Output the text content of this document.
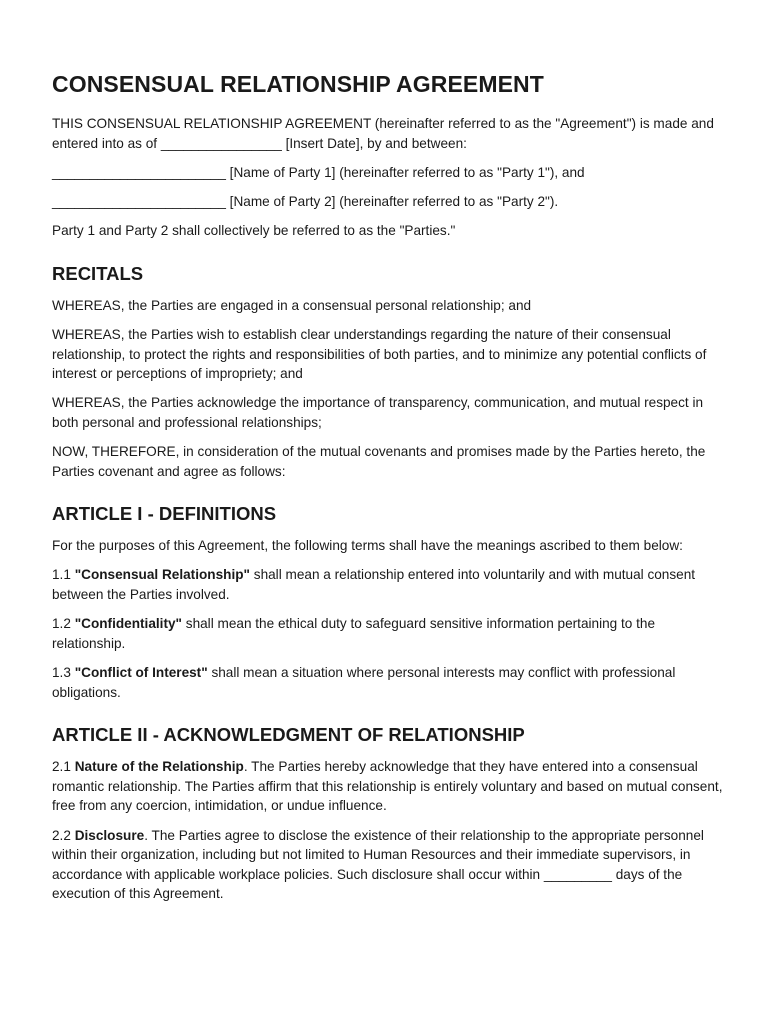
CONSENSUAL RELATIONSHIP AGREEMENT

THIS CONSENSUAL RELATIONSHIP AGREEMENT (hereinafter referred to as the "Agreement") is made and entered into as of ________________ [Insert Date], by and between:

_______________________ [Name of Party 1] (hereinafter referred to as "Party 1"), and

_______________________ [Name of Party 2] (hereinafter referred to as "Party 2").

Party 1 and Party 2 shall collectively be referred to as the "Parties."

RECITALS

WHEREAS, the Parties are engaged in a consensual personal relationship; and

WHEREAS, the Parties wish to establish clear understandings regarding the nature of their consensual relationship, to protect the rights and responsibilities of both parties, and to minimize any potential conflicts of interest or perceptions of impropriety; and

WHEREAS, the Parties acknowledge the importance of transparency, communication, and mutual respect in both personal and professional relationships;

NOW, THEREFORE, in consideration of the mutual covenants and promises made by the Parties hereto, the Parties covenant and agree as follows:

ARTICLE I - DEFINITIONS

For the purposes of this Agreement, the following terms shall have the meanings ascribed to them below:

1.1 "Consensual Relationship" shall mean a relationship entered into voluntarily and with mutual consent between the Parties involved.

1.2 "Confidentiality" shall mean the ethical duty to safeguard sensitive information pertaining to the relationship.

1.3 "Conflict of Interest" shall mean a situation where personal interests may conflict with professional obligations.

ARTICLE II - ACKNOWLEDGMENT OF RELATIONSHIP

2.1 Nature of the Relationship. The Parties hereby acknowledge that they have entered into a consensual romantic relationship. The Parties affirm that this relationship is entirely voluntary and based on mutual consent, free from any coercion, intimidation, or undue influence.

2.2 Disclosure. The Parties agree to disclose the existence of their relationship to the appropriate personnel within their organization, including but not limited to Human Resources and their immediate supervisors, in accordance with applicable workplace policies. Such disclosure shall occur within _________ days of the execution of this Agreement.
